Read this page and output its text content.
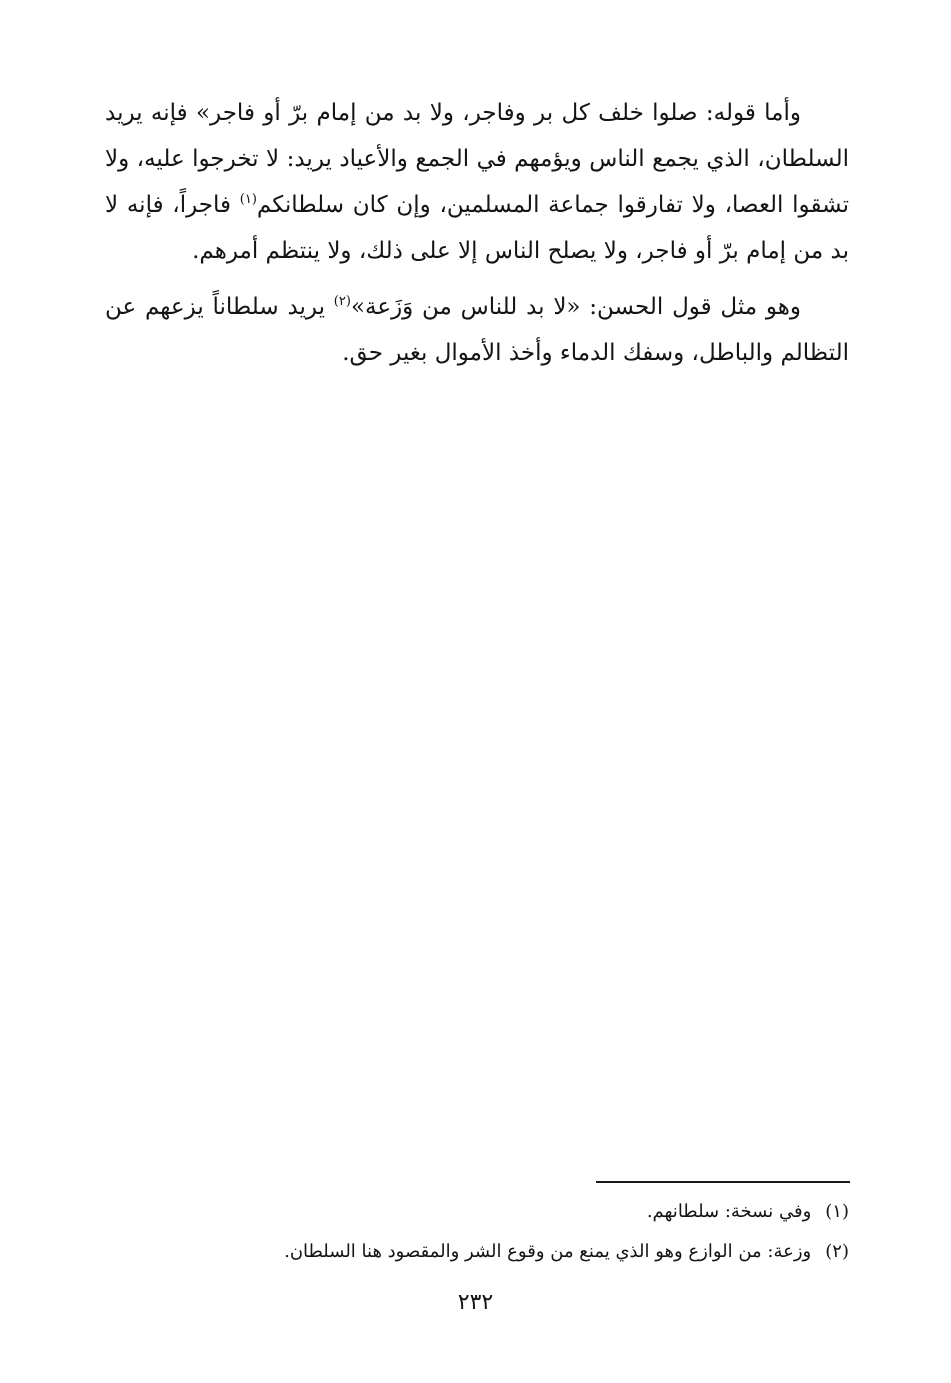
وأما قوله: صلوا خلف كل بر وفاجر، ولا بد من إمام برّ أو فاجر» فإنه يريد السلطان، الذي يجمع الناس ويؤمهم في الجمع والأعياد يريد: لا تخرجوا عليه، ولا تشقوا العصا، ولا تفارقوا جماعة المسلمين، وإن كان سلطانكم$^{(١)}$ فاجراً، فإنه لا بد من إمام برّ أو فاجر، ولا يصلح الناس إلا على ذلك، ولا ينتظم أمرهم.

وهو مثل قول الحسن: «لا بد للناس من وَزَعة»$^{(٢)}$ يريد سلطاناً يزعهم عن التظالم والباطل، وسفك الدماء وأخذ الأموال بغير حق.

(١)وفي نسخة: سلطانهم.
(٢)وزعة: من الوازع وهو الذي يمنع من وقوع الشر والمقصود هنا السلطان.
٢٣٢
